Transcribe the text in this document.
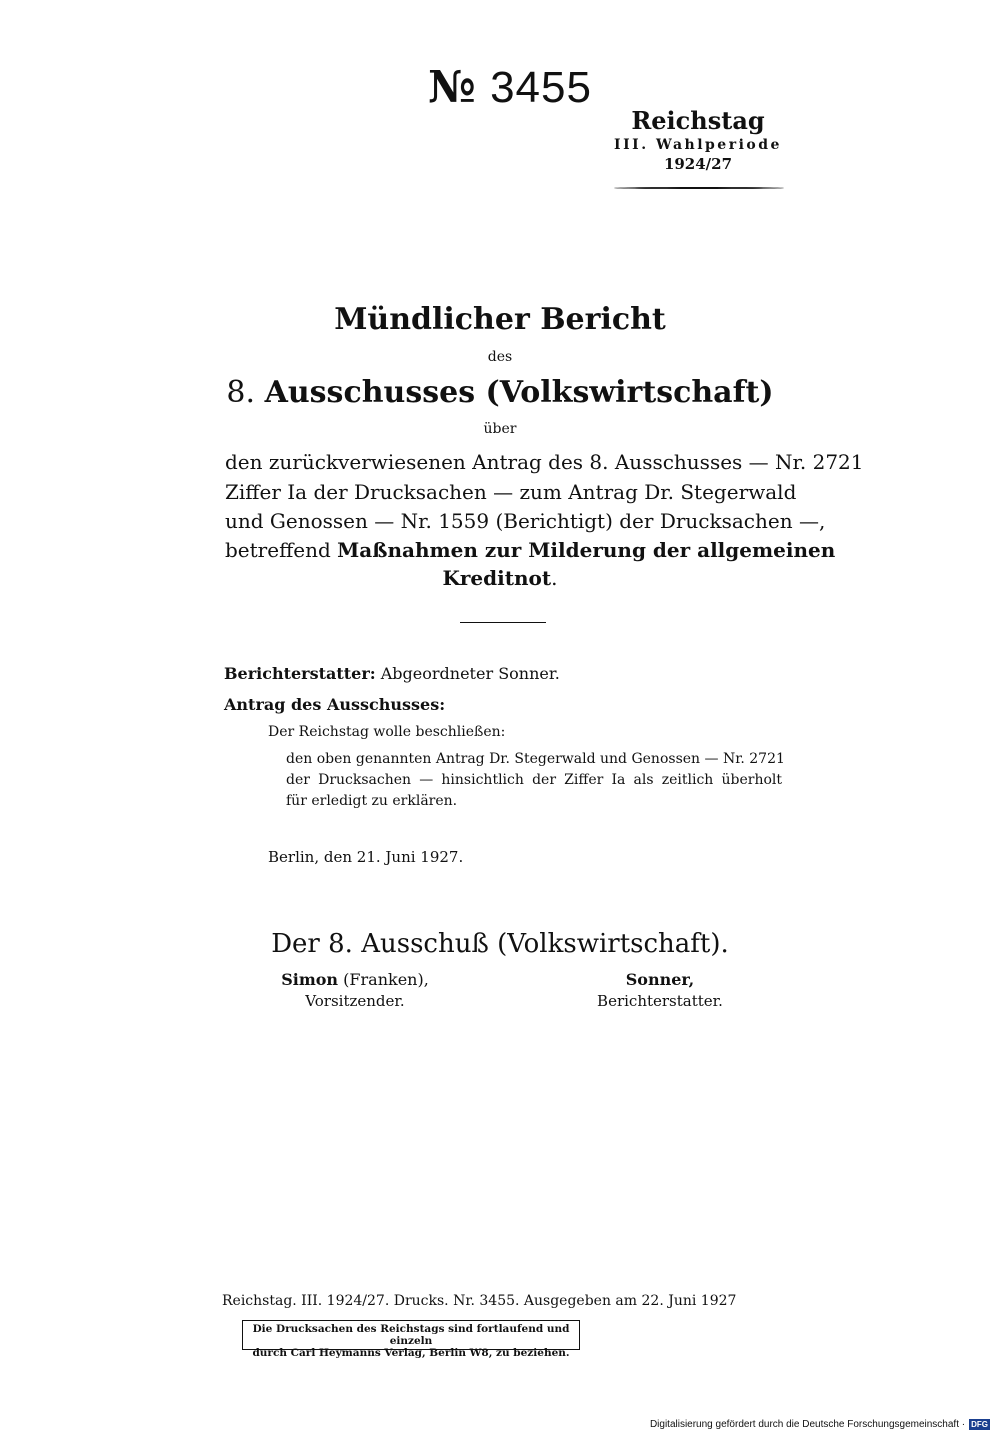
№ 3455
Reichstag
III. Wahlperiode
1924/27
Mündlicher Bericht
des
8. Ausschusses (Volkswirtschaft)
über
den zurückverwiesenen Antrag des 8. Ausschusses — Nr. 2721
Ziffer Ia der Drucksachen — zum Antrag Dr. Stegerwald
und Genossen — Nr. 1559 (Berichtigt) der Drucksachen —,
betreffend Maßnahmen zur Milderung der allgemeinen
Kreditnot.
Berichterstatter: Abgeordneter Sonner.
Antrag des Ausschusses:
Der Reichstag wolle beschließen:
den oben genannten Antrag Dr. Stegerwald und Genossen — Nr. 2721
der Drucksachen — hinsichtlich der Ziffer Ia als zeitlich überholt
für erledigt zu erklären.
Berlin, den 21. Juni 1927.
Der 8. Ausschuß (Volkswirtschaft).
Simon (Franken),
Vorsitzender.
Sonner,
Berichterstatter.
Reichstag. III. 1924/27. Drucks. Nr. 3455. Ausgegeben am 22. Juni 1927
Die Drucksachen des Reichstags sind fortlaufend und einzeln
durch Carl Heymanns Verlag, Berlin W8, zu beziehen.
Digitalisierung gefördert durch die Deutsche Forschungsgemeinschaft · DFG
